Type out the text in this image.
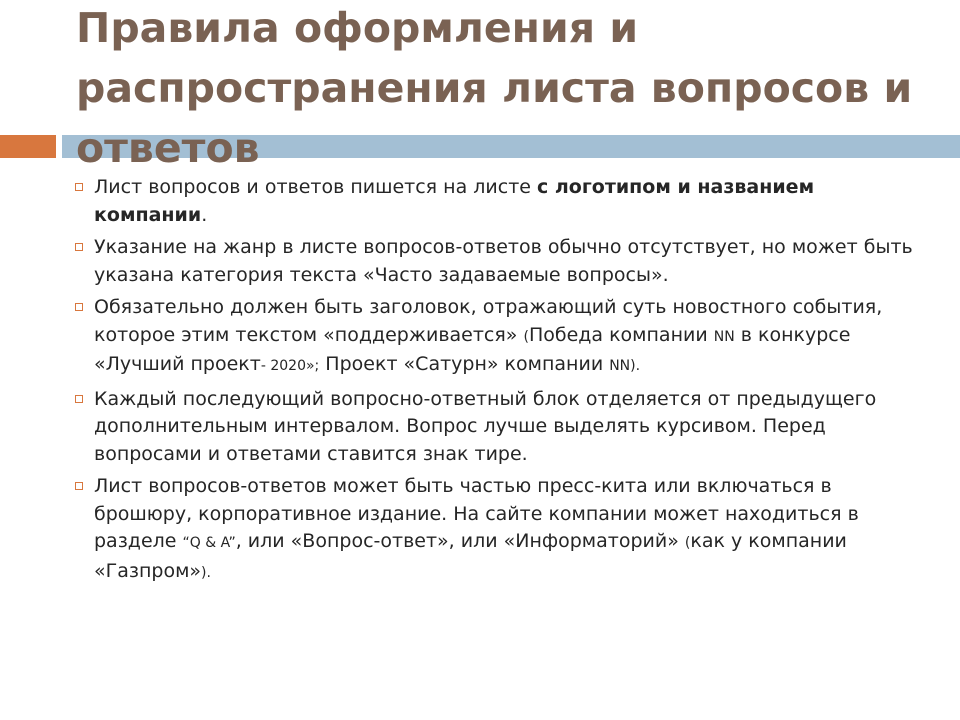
Правила оформления и распространения листа вопросов и ответов
Лист вопросов и ответов пишется на листе с логотипом и названием компании.
Указание на жанр в листе вопросов-ответов обычно отсутствует, но может быть указана категория текста «Часто задаваемые вопросы».
Обязательно должен быть заголовок, отражающий суть новостного события, которое этим текстом «поддерживается» (Победа компании NN в конкурсе «Лучший проект- 2020»; Проект «Сатурн» компании NN).
Каждый последующий вопросно-ответный блок отделяется от предыдущего дополнительным интервалом. Вопрос лучше выделять курсивом. Перед вопросами и ответами ставится знак тире.
Лист вопросов-ответов может быть частью пресс-кита или включаться в брошюру, корпоративное издание. На сайте компании может находиться в разделе “Q & A”, или «Вопрос-ответ», или «Информаторий» (как у компании «Газпром»).
